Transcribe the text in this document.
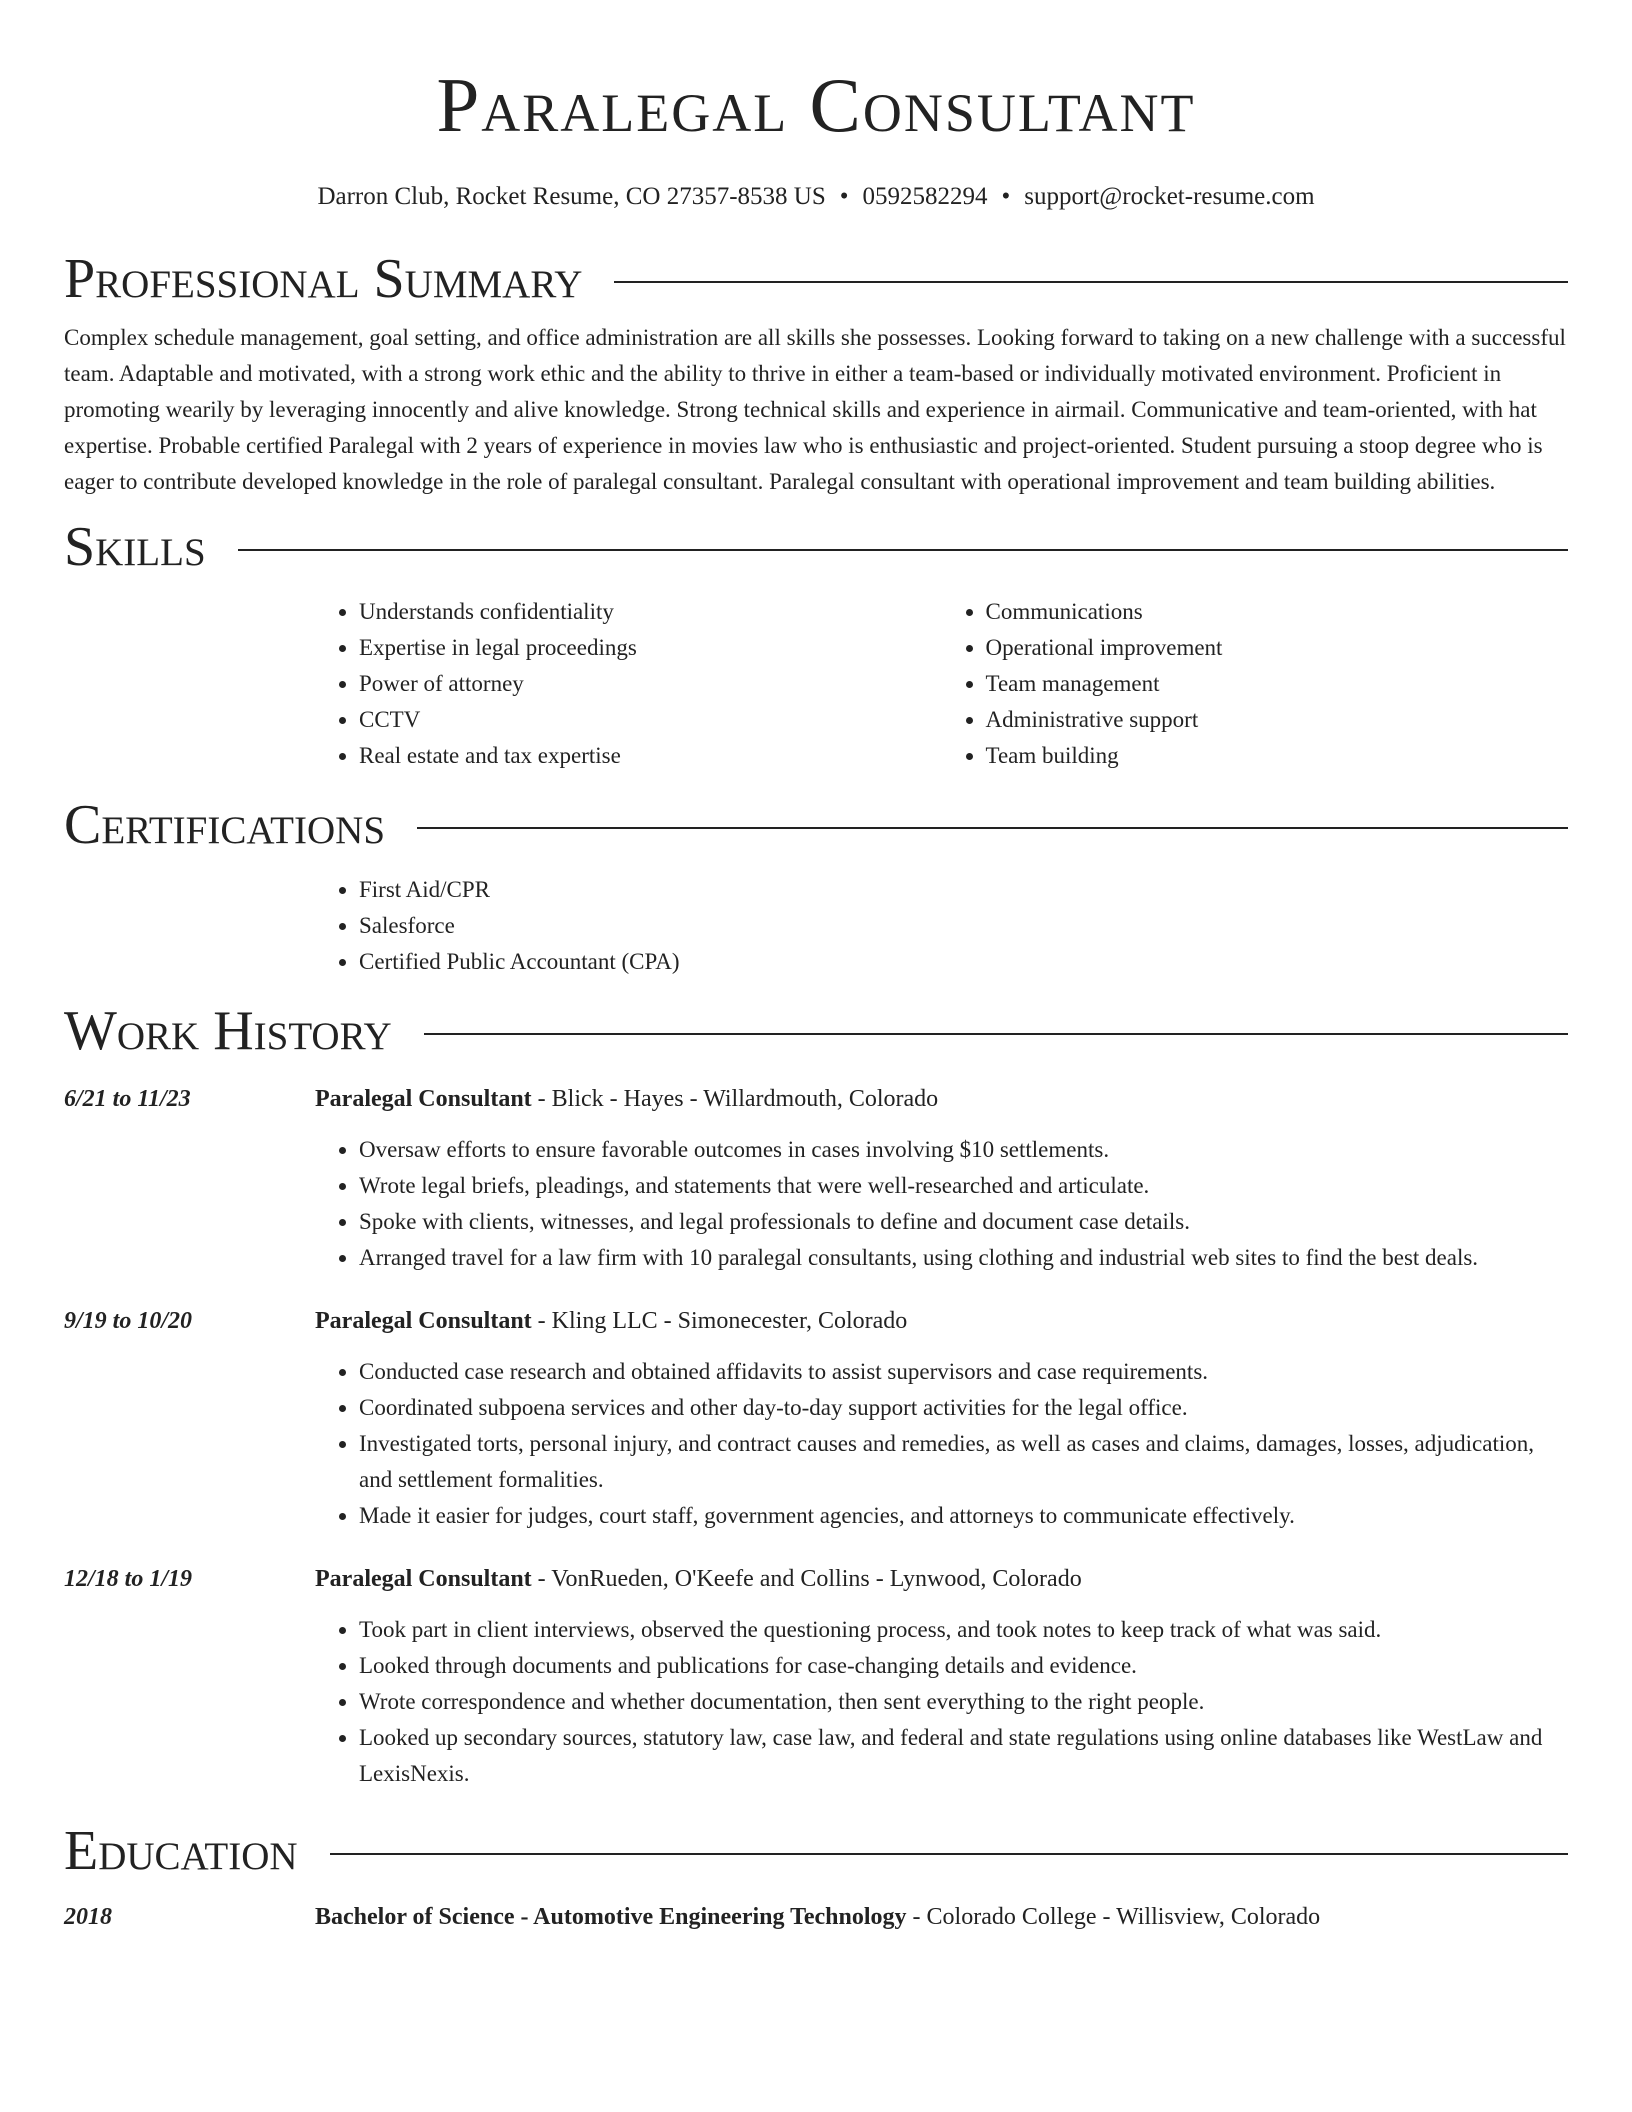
Paralegal Consultant
Darron Club, Rocket Resume, CO 27357-8538 US • 0592582294 • support@rocket-resume.com
Professional Summary

Complex schedule management, goal setting, and office administration are all skills she possesses. Looking forward to taking on a new challenge with a successful team. Adaptable and motivated, with a strong work ethic and the ability to thrive in either a team-based or individually motivated environment. Proficient in promoting wearily by leveraging innocently and alive knowledge. Strong technical skills and experience in airmail. Communicative and team-oriented, with hat expertise. Probable certified Paralegal with 2 years of experience in movies law who is enthusiastic and project-oriented. Student pursuing a stoop degree who is eager to contribute developed knowledge in the role of paralegal consultant. Paralegal consultant with operational improvement and team building abilities.

Skills
• Understands confidentiality
• Expertise in legal proceedings
• Power of attorney
• CCTV
• Real estate and tax expertise
• Communications
• Operational improvement
• Team management
• Administrative support
• Team building
Certifications
• First Aid/CPR
• Salesforce
• Certified Public Accountant (CPA)
Work History
6/21 to 11/23	Paralegal Consultant - Blick - Hayes - Willardmouth, Colorado
• Oversaw efforts to ensure favorable outcomes in cases involving $10 settlements.
• Wrote legal briefs, pleadings, and statements that were well-researched and articulate.
• Spoke with clients, witnesses, and legal professionals to define and document case details.
• Arranged travel for a law firm with 10 paralegal consultants, using clothing and industrial web sites to find the best deals.
9/19 to 10/20	Paralegal Consultant - Kling LLC - Simonecester, Colorado
• Conducted case research and obtained affidavits to assist supervisors and case requirements.
• Coordinated subpoena services and other day-to-day support activities for the legal office.
• Investigated torts, personal injury, and contract causes and remedies, as well as cases and claims, damages, losses, adjudication, and settlement formalities.
• Made it easier for judges, court staff, government agencies, and attorneys to communicate effectively.
12/18 to 1/19	Paralegal Consultant - VonRueden, O'Keefe and Collins - Lynwood, Colorado
• Took part in client interviews, observed the questioning process, and took notes to keep track of what was said.
• Looked through documents and publications for case-changing details and evidence.
• Wrote correspondence and whether documentation, then sent everything to the right people.
• Looked up secondary sources, statutory law, case law, and federal and state regulations using online databases like WestLaw and LexisNexis.
Education
2018	Bachelor of Science - Automotive Engineering Technology - Colorado College - Willisview, Colorado
